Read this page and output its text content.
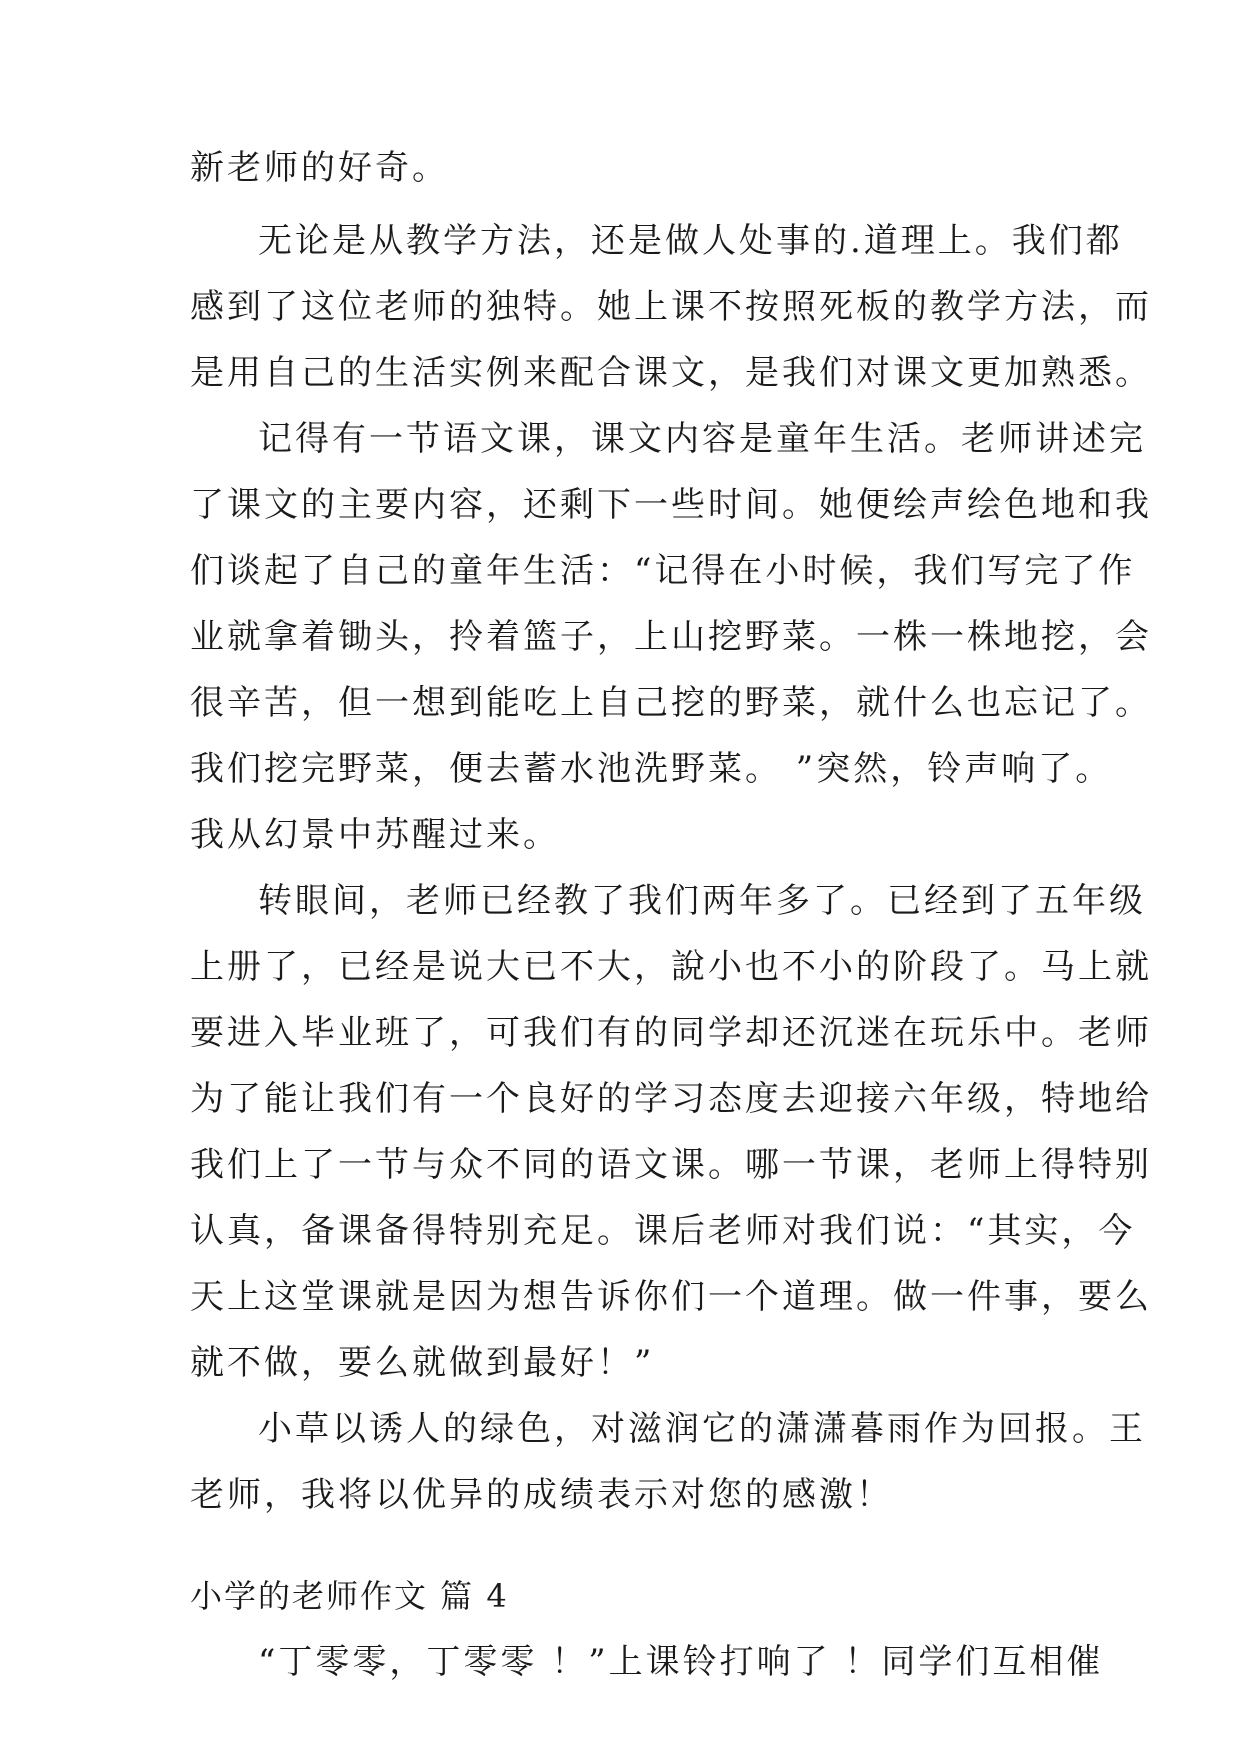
新老师的好奇。
无论是从教学方法，还是做人处事的.道理上。我们都
感到了这位老师的独特。她上课不按照死板的教学方法，而
是用自己的生活实例来配合课文，是我们对课文更加熟悉。
记得有一节语文课，课文内容是童年生活。老师讲述完
了课文的主要内容，还剩下一些时间。她便绘声绘色地和我
们谈起了自己的童年生活：“记得在小时候，我们写完了作
业就拿着锄头，拎着篮子，上山挖野菜。一株一株地挖，会
很辛苦，但一想到能吃上自己挖的野菜，就什么也忘记了。
我们挖完野菜，便去蓄水池洗野菜。 ”突然，铃声响了。
我从幻景中苏醒过来。
转眼间，老师已经教了我们两年多了。已经到了五年级
上册了，已经是说大已不大，說小也不小的阶段了。马上就
要进入毕业班了，可我们有的同学却还沉迷在玩乐中。老师
为了能让我们有一个良好的学习态度去迎接六年级，特地给
我们上了一节与众不同的语文课。哪一节课，老师上得特别
认真，备课备得特别充足。课后老师对我们说：“其实，今
天上这堂课就是因为想告诉你们一个道理。做一件事，要么
就不做，要么就做到最好！”
小草以诱人的绿色，对滋润它的潇潇暮雨作为回报。王
老师，我将以优异的成绩表示对您的感激！
小学的老师作文 篇 4
“丁零零，丁零零 ！”上课铃打响了 ！同学们互相催
